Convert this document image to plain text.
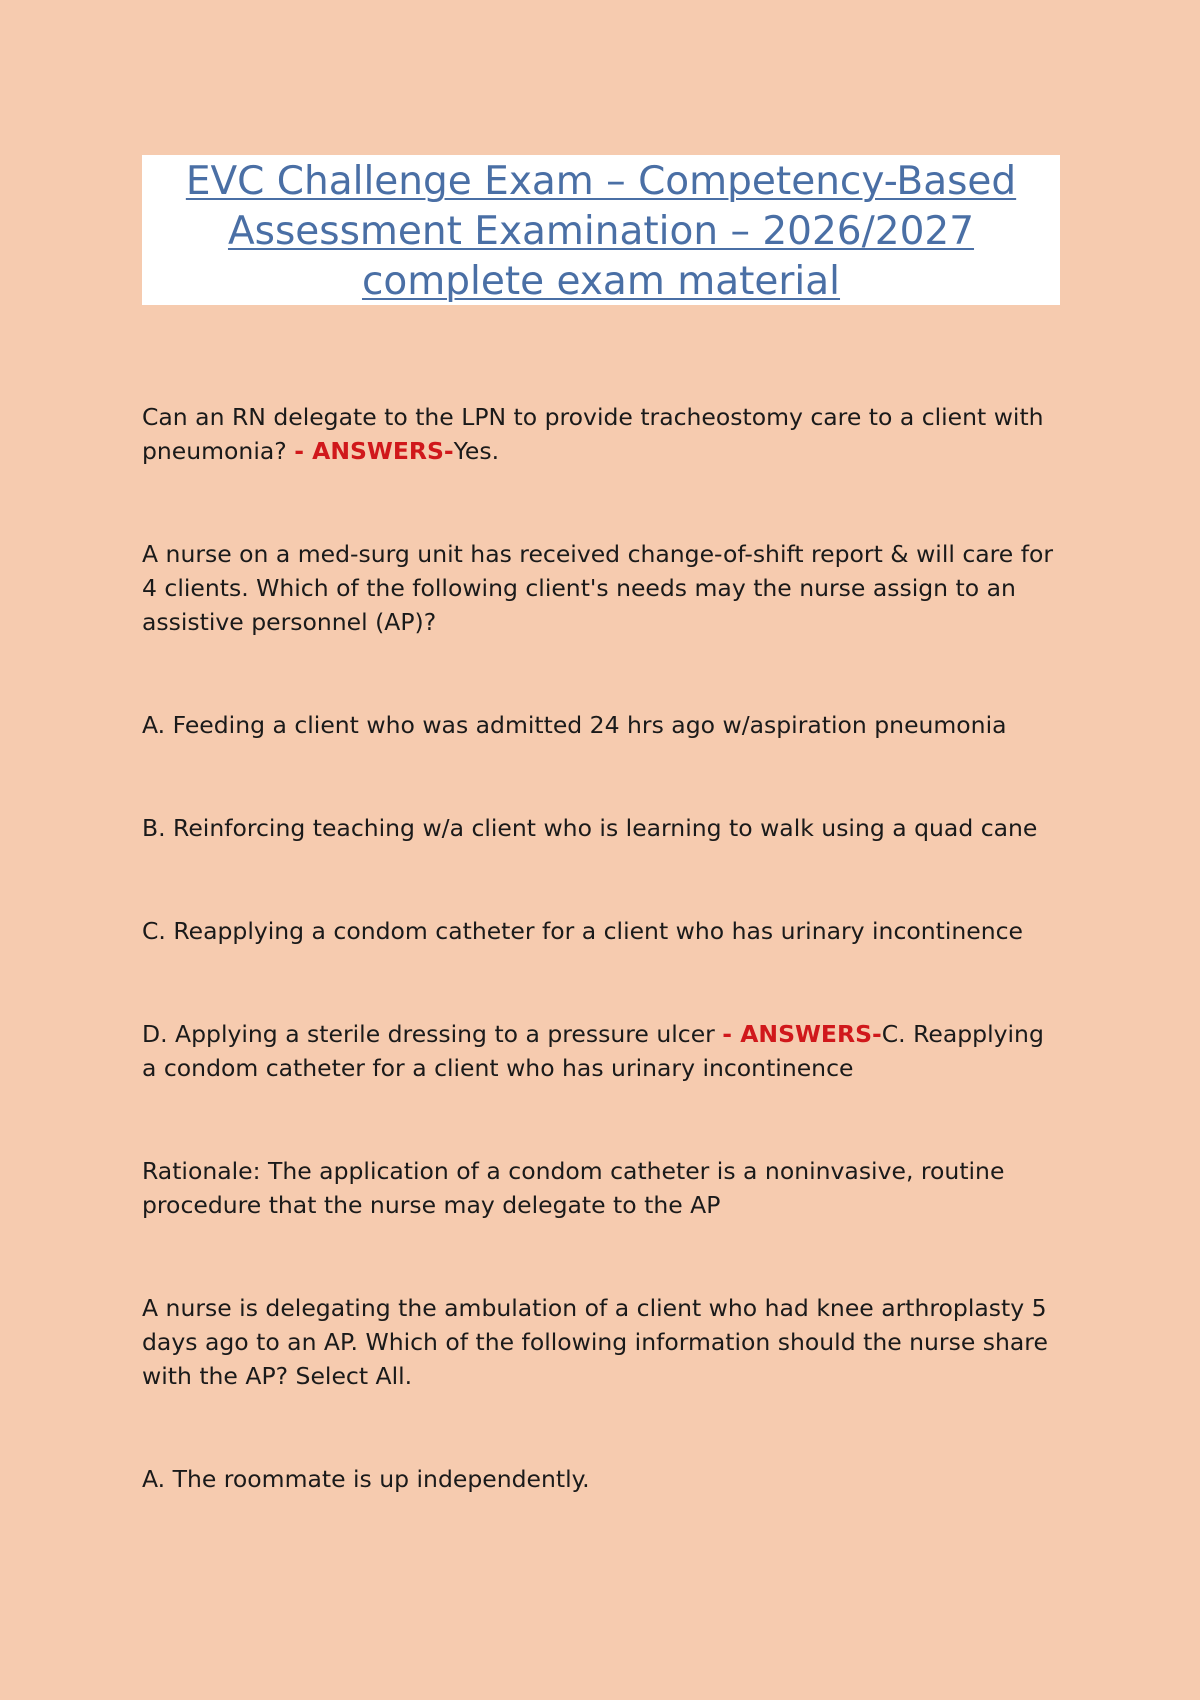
EVC Challenge Exam – Competency-Based Assessment Examination – 2026/2027 complete exam material

Can an RN delegate to the LPN to provide tracheostomy care to a client with pneumonia? - ANSWERS-Yes.

A nurse on a med-surg unit has received change-of-shift report & will care for 4 clients. Which of the following client's needs may the nurse assign to an assistive personnel (AP)?

A. Feeding a client who was admitted 24 hrs ago w/aspiration pneumonia

B. Reinforcing teaching w/a client who is learning to walk using a quad cane

C. Reapplying a condom catheter for a client who has urinary incontinence

D. Applying a sterile dressing to a pressure ulcer - ANSWERS-C. Reapplying a condom catheter for a client who has urinary incontinence

Rationale: The application of a condom catheter is a noninvasive, routine procedure that the nurse may delegate to the AP

A nurse is delegating the ambulation of a client who had knee arthroplasty 5 days ago to an AP. Which of the following information should the nurse share with the AP? Select All.

A. The roommate is up independently.
